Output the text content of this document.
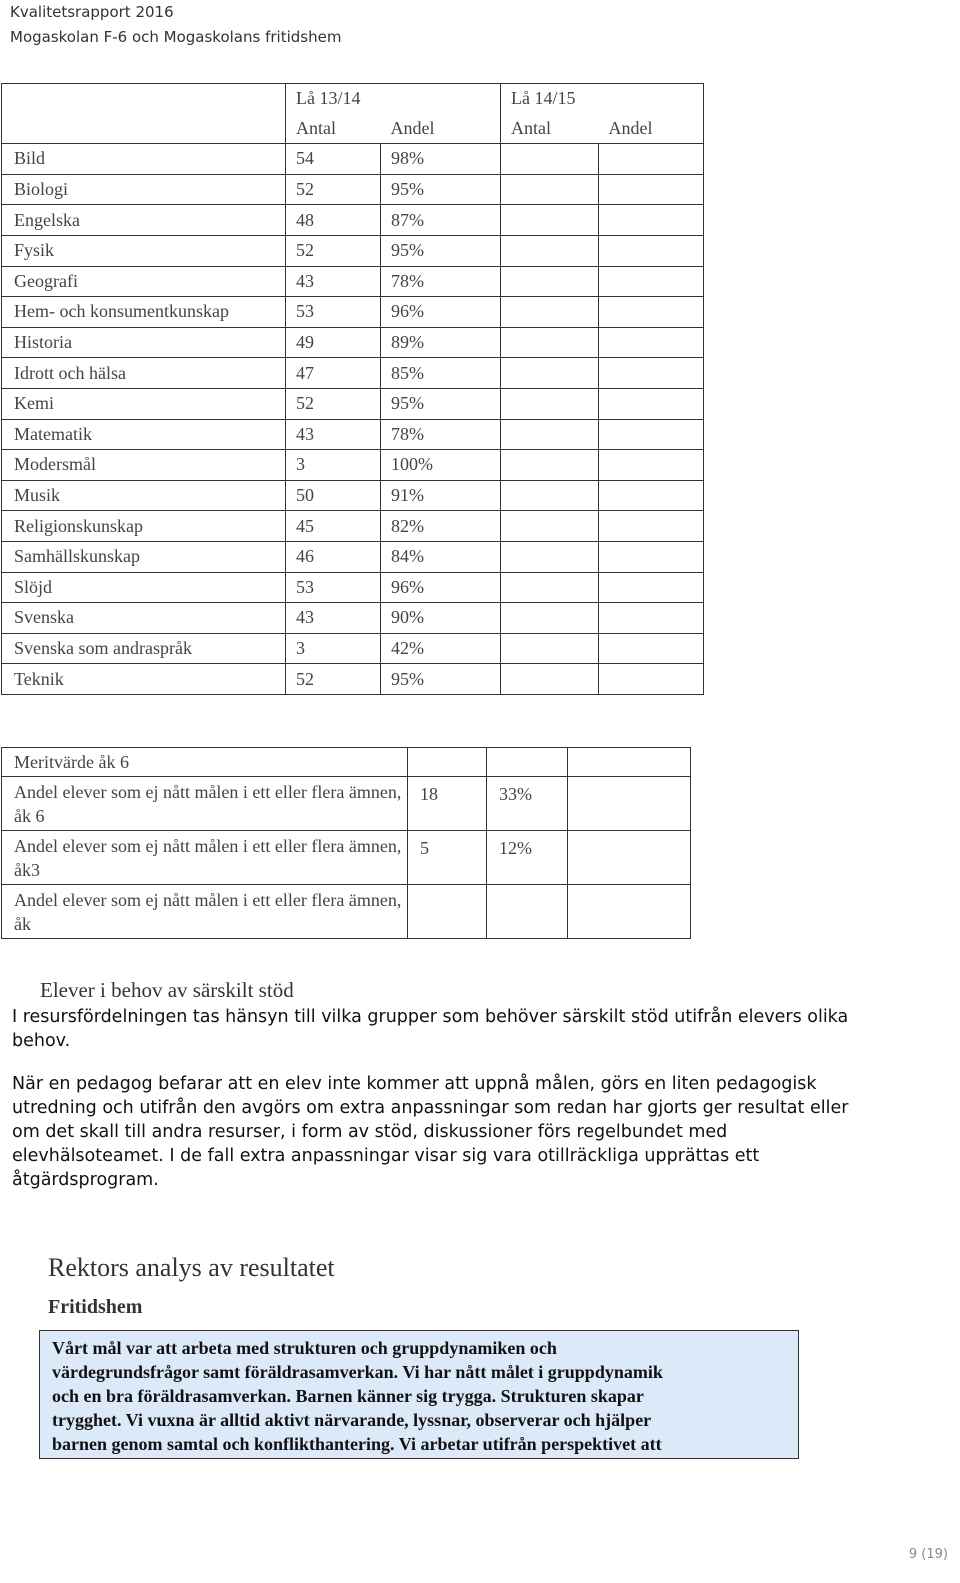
Kvalitetsrapport 2016
Mogaskolan F-6 och Mogaskolans fritidshem
	Lå 13/14		Lå 14/15	
	Antal	Andel	Antal	Andel
Bild	54	98%		
Biologi	52	95%		
Engelska	48	87%		
Fysik	52	95%		
Geografi	43	78%		
Hem- och konsumentkunskap	53	96%		
Historia	49	89%		
Idrott och hälsa	47	85%		
Kemi	52	95%		
Matematik	43	78%		
Modersmål	3	100%		
Musik	50	91%		
Religionskunskap	45	82%		
Samhällskunskap	46	84%		
Slöjd	53	96%		
Svenska	43	90%		
Svenska som andraspråk	3	42%		
Teknik	52	95%		
Meritvärde åk 6			
Andel elever som ej nått målen i ett eller flera ämnen, åk 6	18	33%	
Andel elever som ej nått målen i ett eller flera ämnen, åk3	5	12%	
Andel elever som ej nått målen i ett eller flera ämnen, åk			
Elever i behov av särskilt stöd

I resursfördelningen tas hänsyn till vilka grupper som behöver särskilt stöd utifrån elevers olika behov.

När en pedagog befarar att en elev inte kommer att uppnå målen, görs en liten pedagogisk utredning och utifrån den avgörs om extra anpassningar som redan har gjorts ger resultat eller om det skall till andra resurser, i form av stöd, diskussioner förs regelbundet med elevhälsoteamet. I de fall extra anpassningar visar sig vara otillräckliga upprättas ett åtgärdsprogram.

Rektors analys av resultatet
Fritidshem
Vårt mål var att arbeta med strukturen och gruppdynamiken och
värdegrundsfrågor samt föräldrasamverkan. Vi har nått målet i gruppdynamik
och en bra föräldrasamverkan. Barnen känner sig trygga. Strukturen skapar
trygghet. Vi vuxna är alltid aktivt närvarande, lyssnar, observerar och hjälper
barnen genom samtal och konflikthantering. Vi arbetar utifrån perspektivet att
9 (19)
